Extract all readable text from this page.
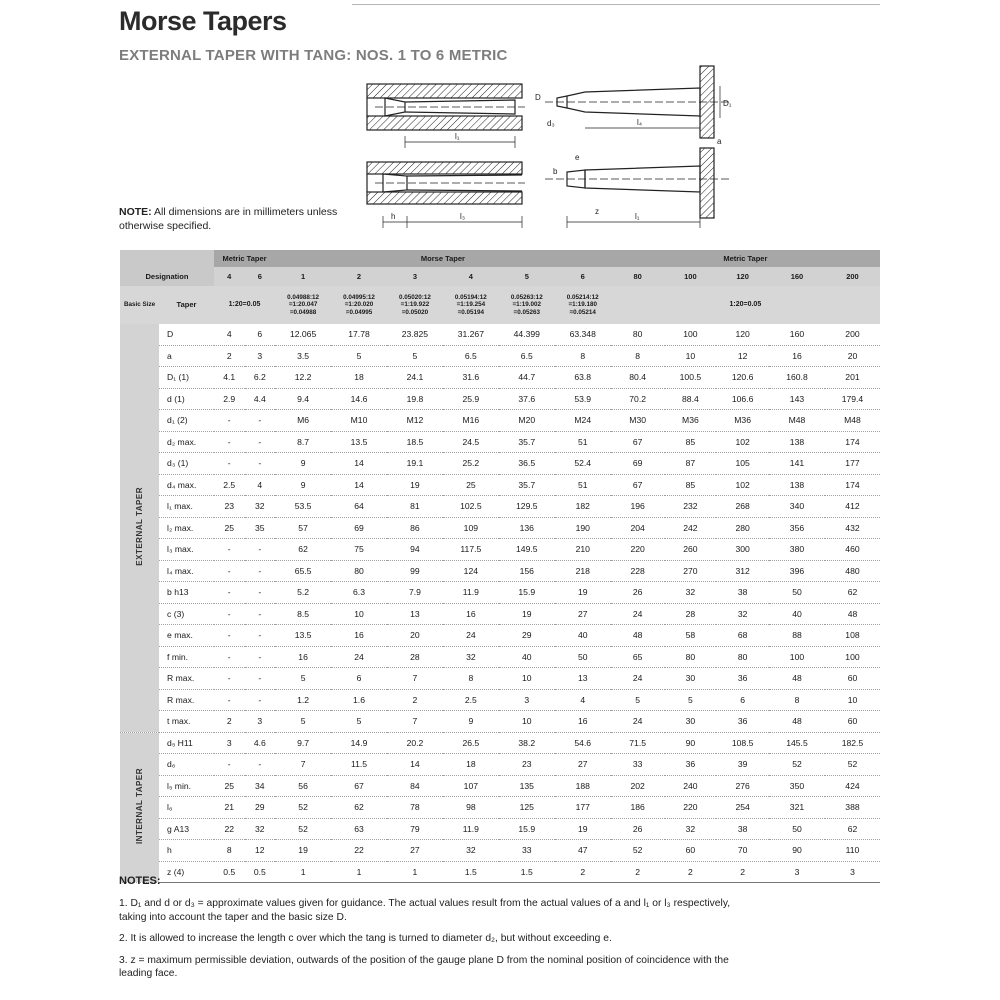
Morse Tapers
EXTERNAL TAPER WITH TANG: NOS. 1 TO 6 METRIC
l₁
h	l₃
D
d₃
D₁
l₄
a
e
b
z
l₁
NOTE: All dimensions are in millimeters unless otherwise specified.
		Metric Taper		Morse Taper						Metric Taper				
Designation		4	6	1	2	3	4	5	6	80	100	120	160	200
Basic Size	Taper	1:20=0.05		0.04988:12
=1:20.047
=0.04988	0.04995:12
=1:20.020
=0.04995	0.05020:12
=1:19.922
=0.05020	0.05194:12
=1:19.254
=0.05194	0.05263:12
=1:19.002
=0.05263	0.05214:12
=1:19.180
=0.05214	1:20=0.05				
EXTERNAL TAPER	D	4	6	12.065	17.78	23.825	31.267	44.399	63.348	80	100	120	160	200
	a	2	3	3.5	5	5	6.5	6.5	8	8	10	12	16	20
	D₁ (1)	4.1	6.2	12.2	18	24.1	31.6	44.7	63.8	80.4	100.5	120.6	160.8	201
	d (1)	2.9	4.4	9.4	14.6	19.8	25.9	37.6	53.9	70.2	88.4	106.6	143	179.4
	d₁ (2)	-	-	M6	M10	M12	M16	M20	M24	M30	M36	M36	M48	M48
	d₂ max.	-	-	8.7	13.5	18.5	24.5	35.7	51	67	85	102	138	174
	d₃ (1)	-	-	9	14	19.1	25.2	36.5	52.4	69	87	105	141	177
	d₄ max.	2.5	4	9	14	19	25	35.7	51	67	85	102	138	174
	l₁ max.	23	32	53.5	64	81	102.5	129.5	182	196	232	268	340	412
	l₂ max.	25	35	57	69	86	109	136	190	204	242	280	356	432
	l₃ max.	-	-	62	75	94	117.5	149.5	210	220	260	300	380	460
	l₄ max.	-	-	65.5	80	99	124	156	218	228	270	312	396	480
	b h13	-	-	5.2	6.3	7.9	11.9	15.9	19	26	32	38	50	62
	c (3)	-	-	8.5	10	13	16	19	27	24	28	32	40	48
	e max.	-	-	13.5	16	20	24	29	40	48	58	68	88	108
	f min.	-	-	16	24	28	32	40	50	65	80	80	100	100
	R max.	-	-	5	6	7	8	10	13	24	30	36	48	60
	R max.	-	-	1.2	1.6	2	2.5	3	4	5	5	6	8	10
	t max.	2	3	5	5	7	9	10	16	24	30	36	48	60
INTERNAL TAPER	d₅ H11	3	4.6	9.7	14.9	20.2	26.5	38.2	54.6	71.5	90	108.5	145.5	182.5
	d₆	-	-	7	11.5	14	18	23	27	33	36	39	52	52
	l₅ min.	25	34	56	67	84	107	135	188	202	240	276	350	424
	l₆	21	29	52	62	78	98	125	177	186	220	254	321	388
	g A13	22	32	52	63	79	11.9	15.9	19	26	32	38	50	62
	h	8	12	19	22	27	32	33	47	52	60	70	90	110
	z (4)	0.5	0.5	1	1	1	1.5	1.5	2	2	2	2	3	3
NOTES:
1. D₁ and d or d₃ = approximate values given for guidance. The actual values result from the actual values of a and l₁ or l₃ respectively, taking into account the taper and the basic size D.
2. It is allowed to increase the length c over which the tang is turned to diameter d₂, but without exceeding e.
3. z = maximum permissible deviation, outwards of the position of the gauge plane D from the nominal position of coincidence with the leading face.
